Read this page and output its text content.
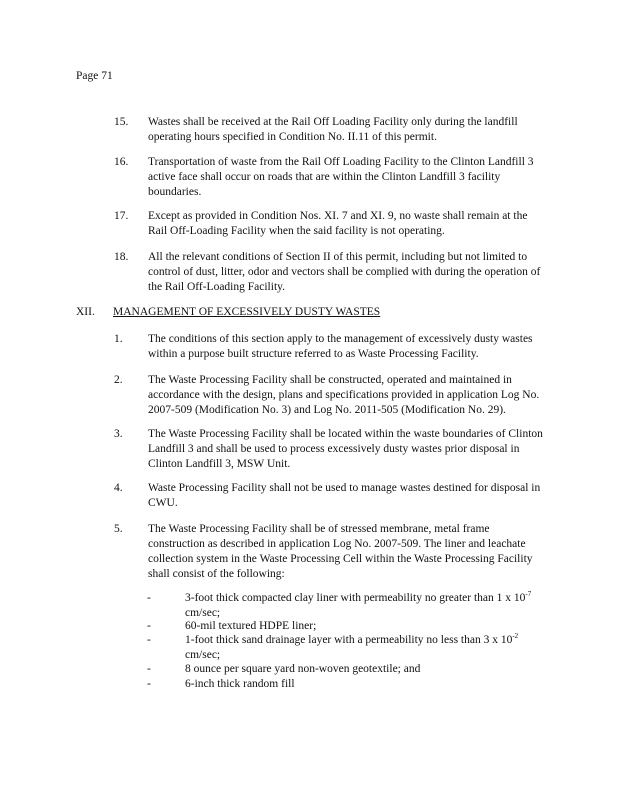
Page 71
15. Wastes shall be received at the Rail Off Loading Facility only during the landfill operating hours specified in Condition No. II.11 of this permit.
16. Transportation of waste from the Rail Off Loading Facility to the Clinton Landfill 3 active face shall occur on roads that are within the Clinton Landfill 3 facility boundaries.
17. Except as provided in Condition Nos. XI. 7 and XI. 9, no waste shall remain at the Rail Off-Loading Facility when the said facility is not operating.
18. All the relevant conditions of Section II of this permit, including but not limited to control of dust, litter, odor and vectors shall be complied with during the operation of the Rail Off-Loading Facility.
XII. MANAGEMENT OF EXCESSIVELY DUSTY WASTES
1. The conditions of this section apply to the management of excessively dusty wastes within a purpose built structure referred to as Waste Processing Facility.
2. The Waste Processing Facility shall be constructed, operated and maintained in accordance with the design, plans and specifications provided in application Log No. 2007-509 (Modification No. 3) and Log No. 2011-505 (Modification No. 29).
3. The Waste Processing Facility shall be located within the waste boundaries of Clinton Landfill 3 and shall be used to process excessively dusty wastes prior disposal in Clinton Landfill 3, MSW Unit.
4. Waste Processing Facility shall not be used to manage wastes destined for disposal in CWU.
5. The Waste Processing Facility shall be of stressed membrane, metal frame construction as described in application Log No. 2007-509. The liner and leachate collection system in the Waste Processing Cell within the Waste Processing Facility shall consist of the following:
-	3-foot thick compacted clay liner with permeability no greater than 1 x $10^{-7}$ cm/sec;
-	60-mil textured HDPE liner;
-	1-foot thick sand drainage layer with a permeability no less than 3 x $10^{-2}$ cm/sec;
-	8 ounce per square yard non-woven geotextile; and
-	6-inch thick random fill
